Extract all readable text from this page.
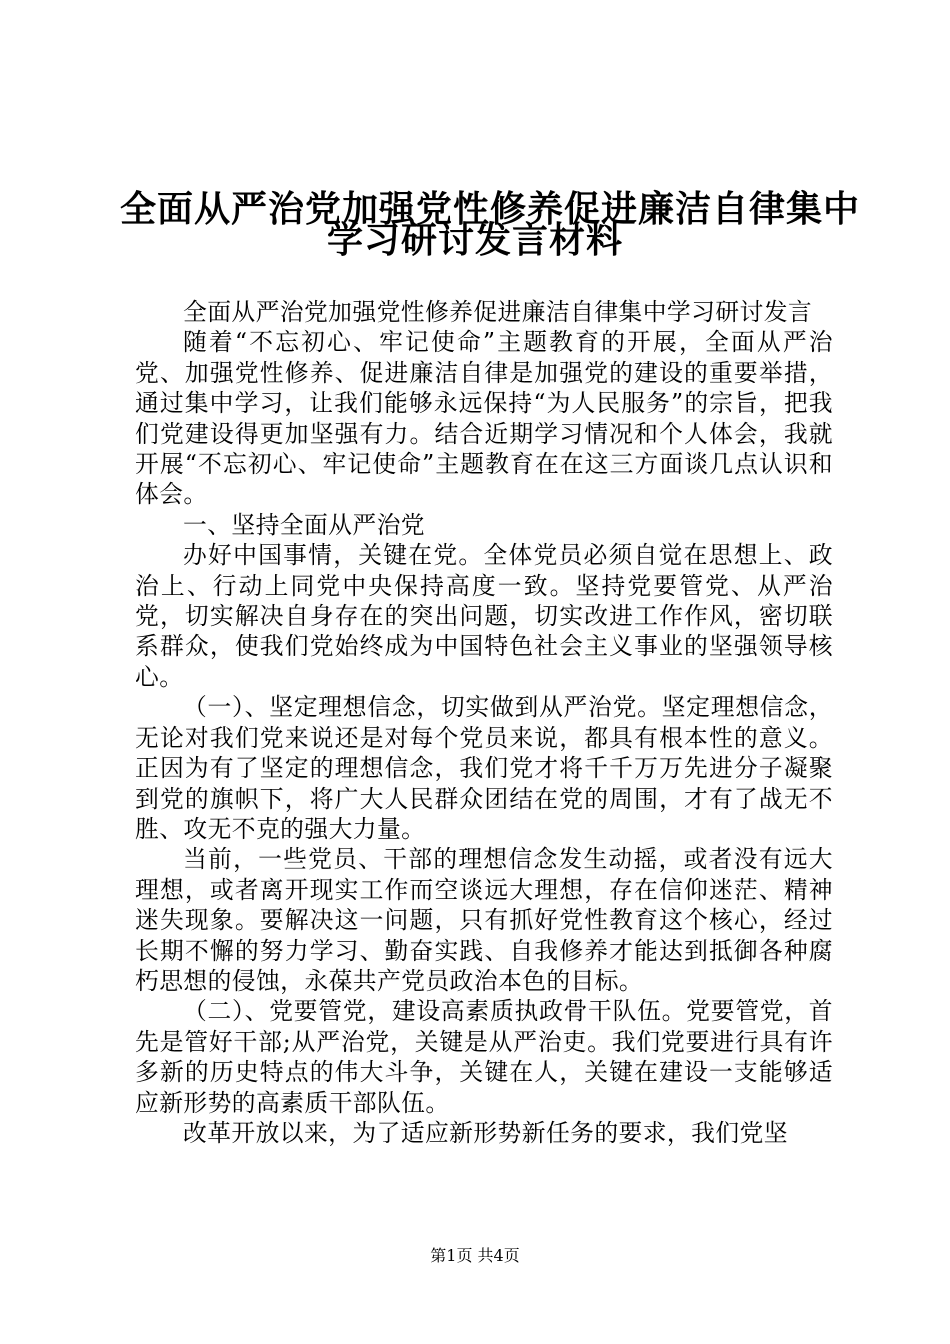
全面从严治党加强党性修养促进廉洁自律集中
学习研讨发言材料

全面从严治党加强党性修养促进廉洁自律集中学习研讨发言

随着“不忘初心、牢记使命”主题教育的开展，全面从严治党、加强党性修养、促进廉洁自律是加强党的建设的重要举措，通过集中学习，让我们能够永远保持“为人民服务”的宗旨，把我们党建设得更加坚强有力。结合近期学习情况和个人体会，我就开展“不忘初心、牢记使命”主题教育在在这三方面谈几点认识和体会。

一、坚持全面从严治党

办好中国事情，关键在党。全体党员必须自觉在思想上、政治上、行动上同党中央保持高度一致。坚持党要管党、从严治党，切实解决自身存在的突出问题，切实改进工作作风，密切联系群众，使我们党始终成为中国特色社会主义事业的坚强领导核心。

（一）、坚定理想信念，切实做到从严治党。坚定理想信念，无论对我们党来说还是对每个党员来说，都具有根本性的意义。正因为有了坚定的理想信念，我们党才将千千万万先进分子凝聚到党的旗帜下，将广大人民群众团结在党的周围，才有了战无不胜、攻无不克的强大力量。

当前，一些党员、干部的理想信念发生动摇，或者没有远大理想，或者离开现实工作而空谈远大理想，存在信仰迷茫、精神迷失现象。要解决这一问题，只有抓好党性教育这个核心，经过长期不懈的努力学习、勤奋实践、自我修养才能达到抵御各种腐朽思想的侵蚀，永葆共产党员政治本色的目标。

（二）、党要管党，建设高素质执政骨干队伍。党要管党，首先是管好干部;从严治党，关键是从严治吏。我们党要进行具有许多新的历史特点的伟大斗争，关键在人，关键在建设一支能够适应新形势的高素质干部队伍。

改革开放以来，为了适应新形势新任务的要求，我们党坚

第1页 共4页
